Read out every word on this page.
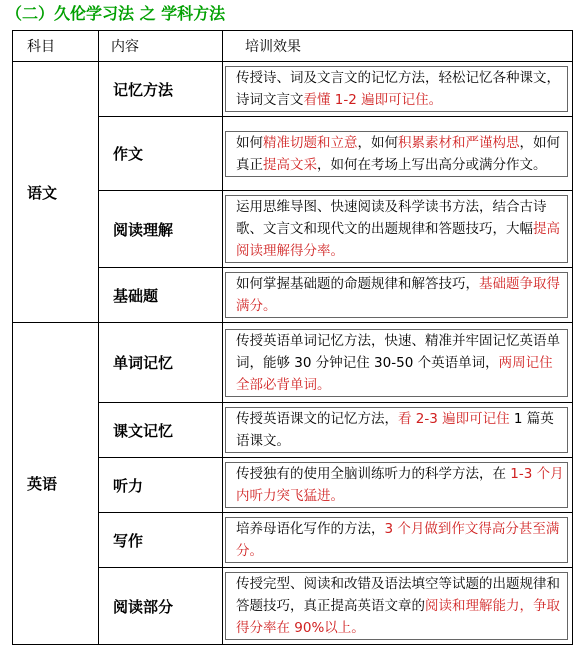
（二）久伦学习法 之 学科方法
科目	内容	培训效果
语文	记忆方法	传授诗、词及文言文的记忆方法，轻松记忆各种课文，诗词文言文看懂 1-2 遍即可记住。

	作文	如何精准切题和立意，如何积累素材和严谨构思，如何真正提高文采，如何在考场上写出高分或满分作文。

	阅读理解	运用思维导图、快速阅读及科学读书方法，结合古诗歌、文言文和现代文的出题规律和答题技巧，大幅提高阅读理解得分率。

	基础题	如何掌握基础题的命题规律和解答技巧，基础题争取得满分。

英语	单词记忆	传授英语单词记忆方法，快速、精准并牢固记忆英语单词，能够 30 分钟记住 30-50 个英语单词，两周记住全部必背单词。

	课文记忆	传授英语课文的记忆方法，看 2-3 遍即可记住 1 篇英语课文。

	听力	传授独有的使用全脑训练听力的科学方法，在 1-3 个月内听力突飞猛进。

	写作	培养母语化写作的方法，3 个月做到作文得高分甚至满分。

	阅读部分	传授完型、阅读和改错及语法填空等试题的出题规律和答题技巧，真正提高英语文章的阅读和理解能力，争取得分率在 90%以上。
